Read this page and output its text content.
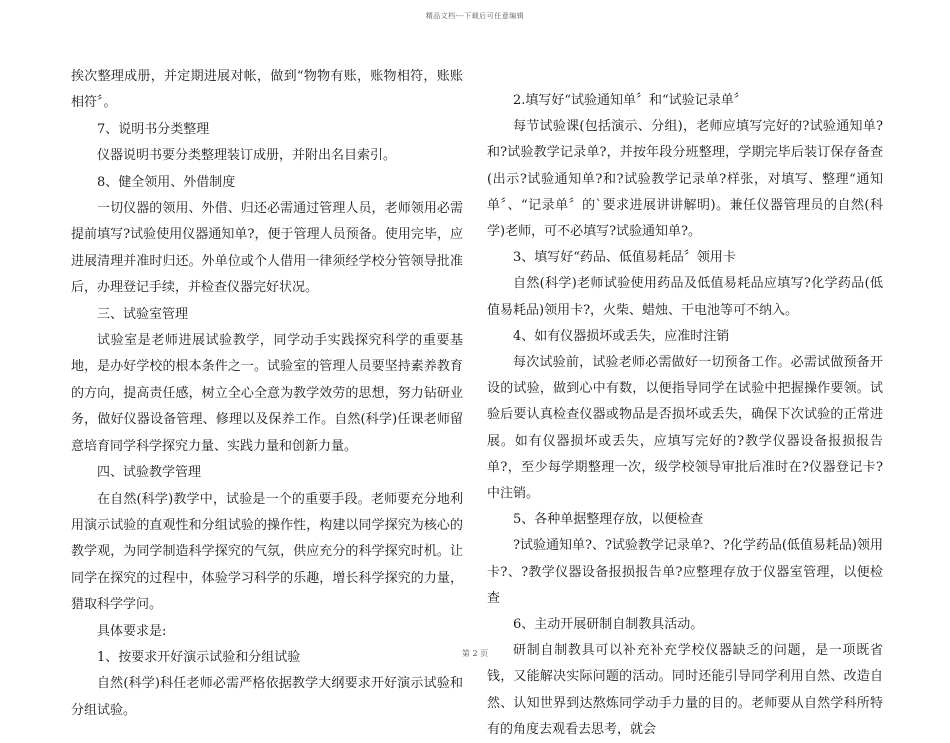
精品文档---下载后可任意编辑

挨次整理成册，并定期进展对帐，做到“物物有账，账物相符，账账相符〞。

7、说明书分类整理

仪器说明书要分类整理装订成册，并附出名目索引。

8、健全领用、外借制度

一切仪器的领用、外借、归还必需通过管理人员，老师领用必需提前填写?试验使用仪器通知单?，便于管理人员预备。使用完毕，应进展清理并准时归还。外单位或个人借用一律须经学校分管领导批准后，办理登记手续，并检查仪器完好状况。

三、试验室管理

试验室是老师进展试验教学，同学动手实践探究科学的重要基地，是办好学校的根本条件之一。试验室的管理人员要坚持素养教育的方向，提高责任感，树立全心全意为教学效劳的思想，努力钻研业务，做好仪器设备管理、修理以及保养工作。自然(科学)任课老师留意培育同学科学探究力量、实践力量和创新力量。

四、试验教学管理

在自然(科学)教学中，试验是一个的重要手段。老师要充分地利用演示试验的直观性和分组试验的操作性，构建以同学探究为核心的教学观，为同学制造科学探究的气氛，供应充分的科学探究时机。让同学在探究的过程中，体验学习科学的乐趣，增长科学探究的力量，猎取科学学问。

具体要求是:

1、按要求开好演示试验和分组试验

自然(科学)科任老师必需严格依据教学大纲要求开好演示试验和分组试验。

2.填写好“试验通知单〞和“试验记录单〞

每节试验课(包括演示、分组)，老师应填写完好的?试验通知单?和?试验教学记录单?，并按年段分班整理，学期完毕后装订保存备查(出示?试验通知单?和?试验教学记录单?样张，对填写、整理“通知单〞、“记录单〞的`要求进展讲讲解明)。兼任仪器管理员的自然(科学)老师，可不必填写?试验通知单?。

3、填写好“药品、低值易耗品〞领用卡

自然(科学)老师试验使用药品及低值易耗品应填写?化学药品(低值易耗品)领用卡?，火柴、蜡烛、干电池等可不纳入。

4、如有仪器损坏或丢失，应准时注销

每次试验前，试验老师必需做好一切预备工作。必需试做预备开设的试验，做到心中有数，以便指导同学在试验中把握操作要领。试验后要认真检查仪器或物品是否损坏或丢失，确保下次试验的正常进展。如有仪器损坏或丢失，应填写完好的?教学仪器设备报损报告单?，至少每学期整理一次，级学校领导审批后准时在?仪器登记卡?中注销。

5、各种单据整理存放，以便检查

?试验通知单?、?试验教学记录单?、?化学药品(低值易耗品)领用卡?、?教学仪器设备报损报告单?应整理存放于仪器室管理，以便检查

6、主动开展研制自制教具活动。

研制自制教具可以补充补充学校仪器缺乏的问题，是一项既省钱，又能解决实际问题的活动。同时还能引导同学利用自然、改造自然、认知世界到达熬炼同学动手力量的目的。老师要从自然学科所特有的角度去观看去思考，就会

第 2 页
